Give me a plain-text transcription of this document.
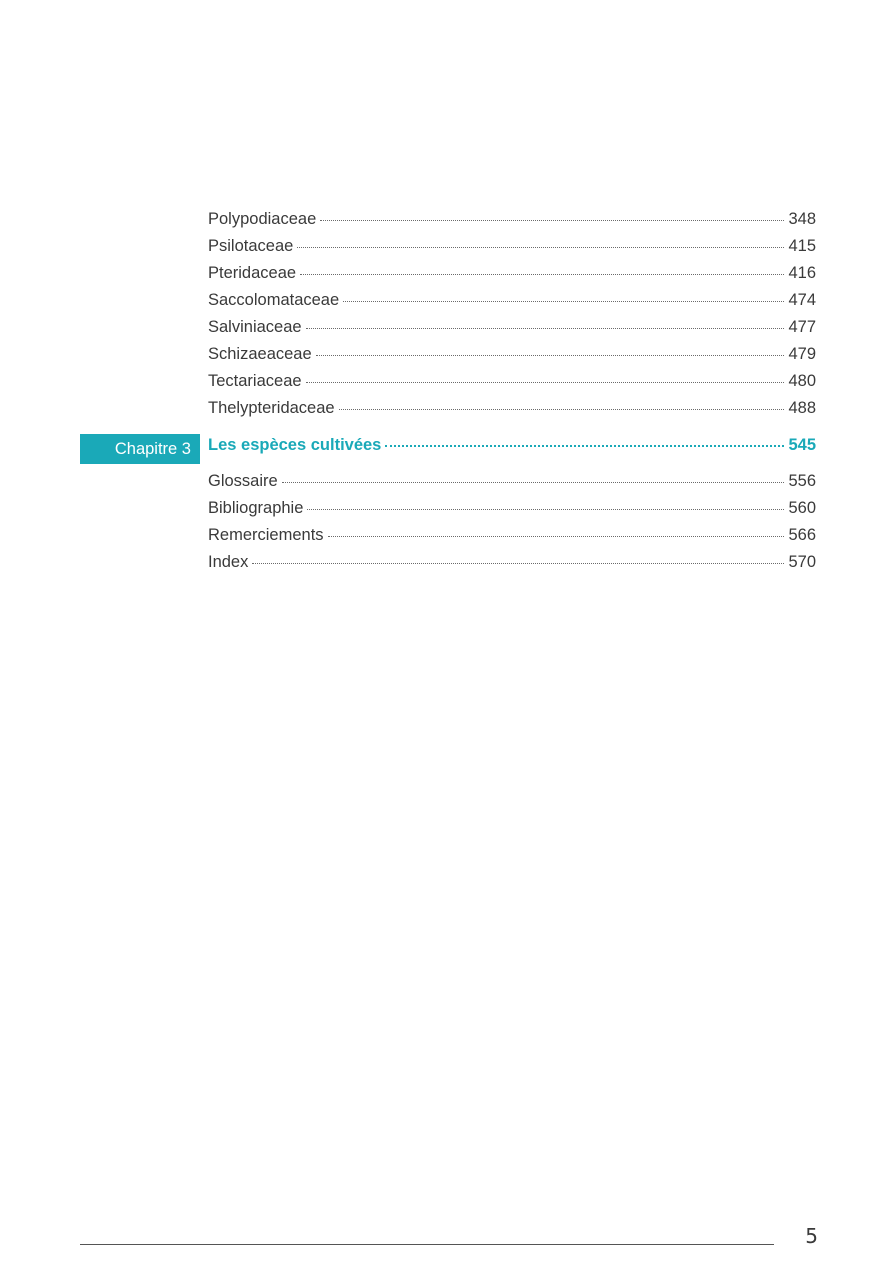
Polypodiaceae	348
Psilotaceae	415
Pteridaceae	416
Saccolomataceae	474
Salviniaceae	477
Schizaeaceae	479
Tectariaceae	480
Thelypteridaceae	488
Chapitre 3	Les espèces cultivées	545
Glossaire	556
Bibliographie	560
Remerciements	566
Index	570
5
